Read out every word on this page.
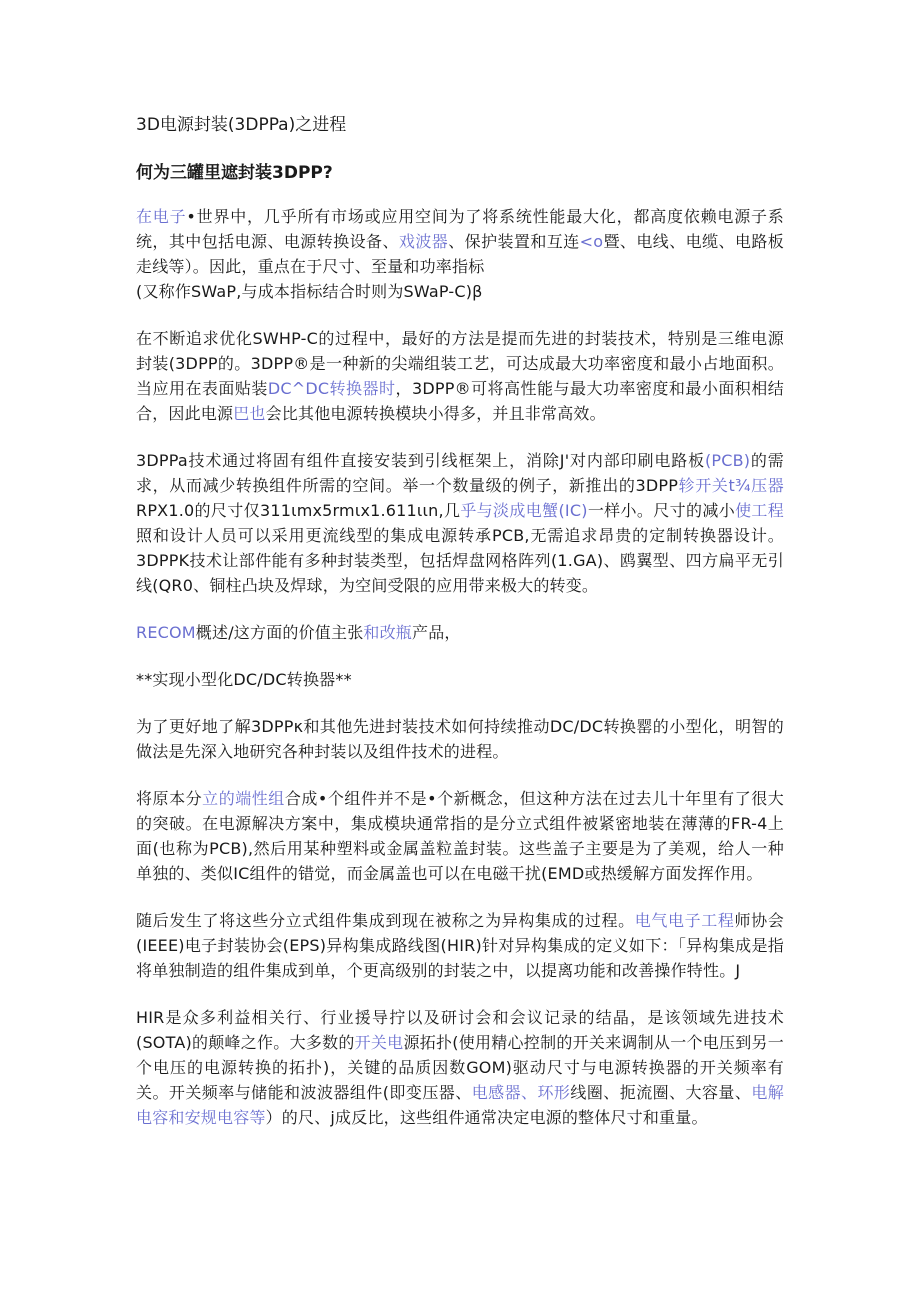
3D电源封装(3DPPa)之进程
何为三罐里遮封装3DPP?
在电子•世界中，几乎所有市场或应用空间为了将系统性能最大化，都高度依赖电源子系统，其中包括电源、电源转换设备、戏波器、保护装置和互连<o暨、电线、电缆、电路板走线等）。因此，重点在于尺寸、至量和功率指标
(又称作SWaP,与成本指标结合时则为SWaP-C)β
在不断追求优化SWHP-C的过程中，最好的方法是提而先进的封装技术，特别是三维电源封装(3DPP的。3DPP®是一种新的尖端组装工艺，可达成最大功率密度和最小占地面积。当应用在表面贴装DC^DC转换器时，3DPP®可将高性能与最大功率密度和最小面积相结合，因此电源巴也会比其他电源转换模块小得多，并且非常高效。
3DPPa技术通过将固有组件直接安装到引线框架上，消除J'对内部印刷电路板(PCB)的需求，从而减少转换组件所需的空间。举一个数量级的例子，新推出的3DPP轸开关t¾压器RPX1.0的尺寸仅311ιmx5rmιx1.611ιιn,几乎与淡成电蟹(IC)一样小。尺寸的减小使工程照和设计人员可以采用更流线型的集成电源转承PCB,无需追求昂贵的定制转换器设计。3DPPK技术让部件能有多种封装类型，包括焊盘网格阵列(1.GA)、鸥翼型、四方扁平无引线(QR0、铜柱凸块及焊球，为空间受限的应用带来极大的转变。
RECOM概述/这方面的价值主张和改瓶产品，
**实现小型化DC/DC转换器**
为了更好地了解3DPPκ和其他先进封装技术如何持续推动DC/DC转换罂的小型化，明智的做法是先深入地研究各种封装以及组件技术的进程。
将原本分立的端性组合成•个组件并不是•个新概念，但这种方法在过去儿十年里有了很大的突破。在电源解决方案中，集成模块通常指的是分立式组件被紧密地装在薄薄的FR-4上面(也称为PCB),然后用某种塑料或金属盖粒盖封装。这些盖子主要是为了美观，给人一种单独的、类似IC组件的错觉，而金属盖也可以在电磁干扰(EMD或热缓解方面发挥作用。
随后发生了将这些分立式组件集成到现在被称之为异构集成的过程。电气电子工程师协会(IEEE)电子封装协会(EPS)异构集成路线图(HIR)针对异构集成的定义如下：「异构集成是指将单独制造的组件集成到单，个更高级别的封装之中，以提离功能和改善操作特性。J
HIR是众多利益相关行、行业援导拧以及研讨会和会议记录的结晶，是该领域先进技术(SOTA)的颠峰之作。大多数的开关电源拓扑(使用精心控制的开关来调制从一个电压到另一个电压的电源转换的拓扑)，关键的品质因数GOM)驱动尺寸与电源转换器的开关频率有关。开关频率与储能和波波器组件(即变压器、电感器、环形线圈、扼流圈、大容量、电解电容和安规电容等）的尺、j成反比，这些组件通常决定电源的整体尺寸和重量。
